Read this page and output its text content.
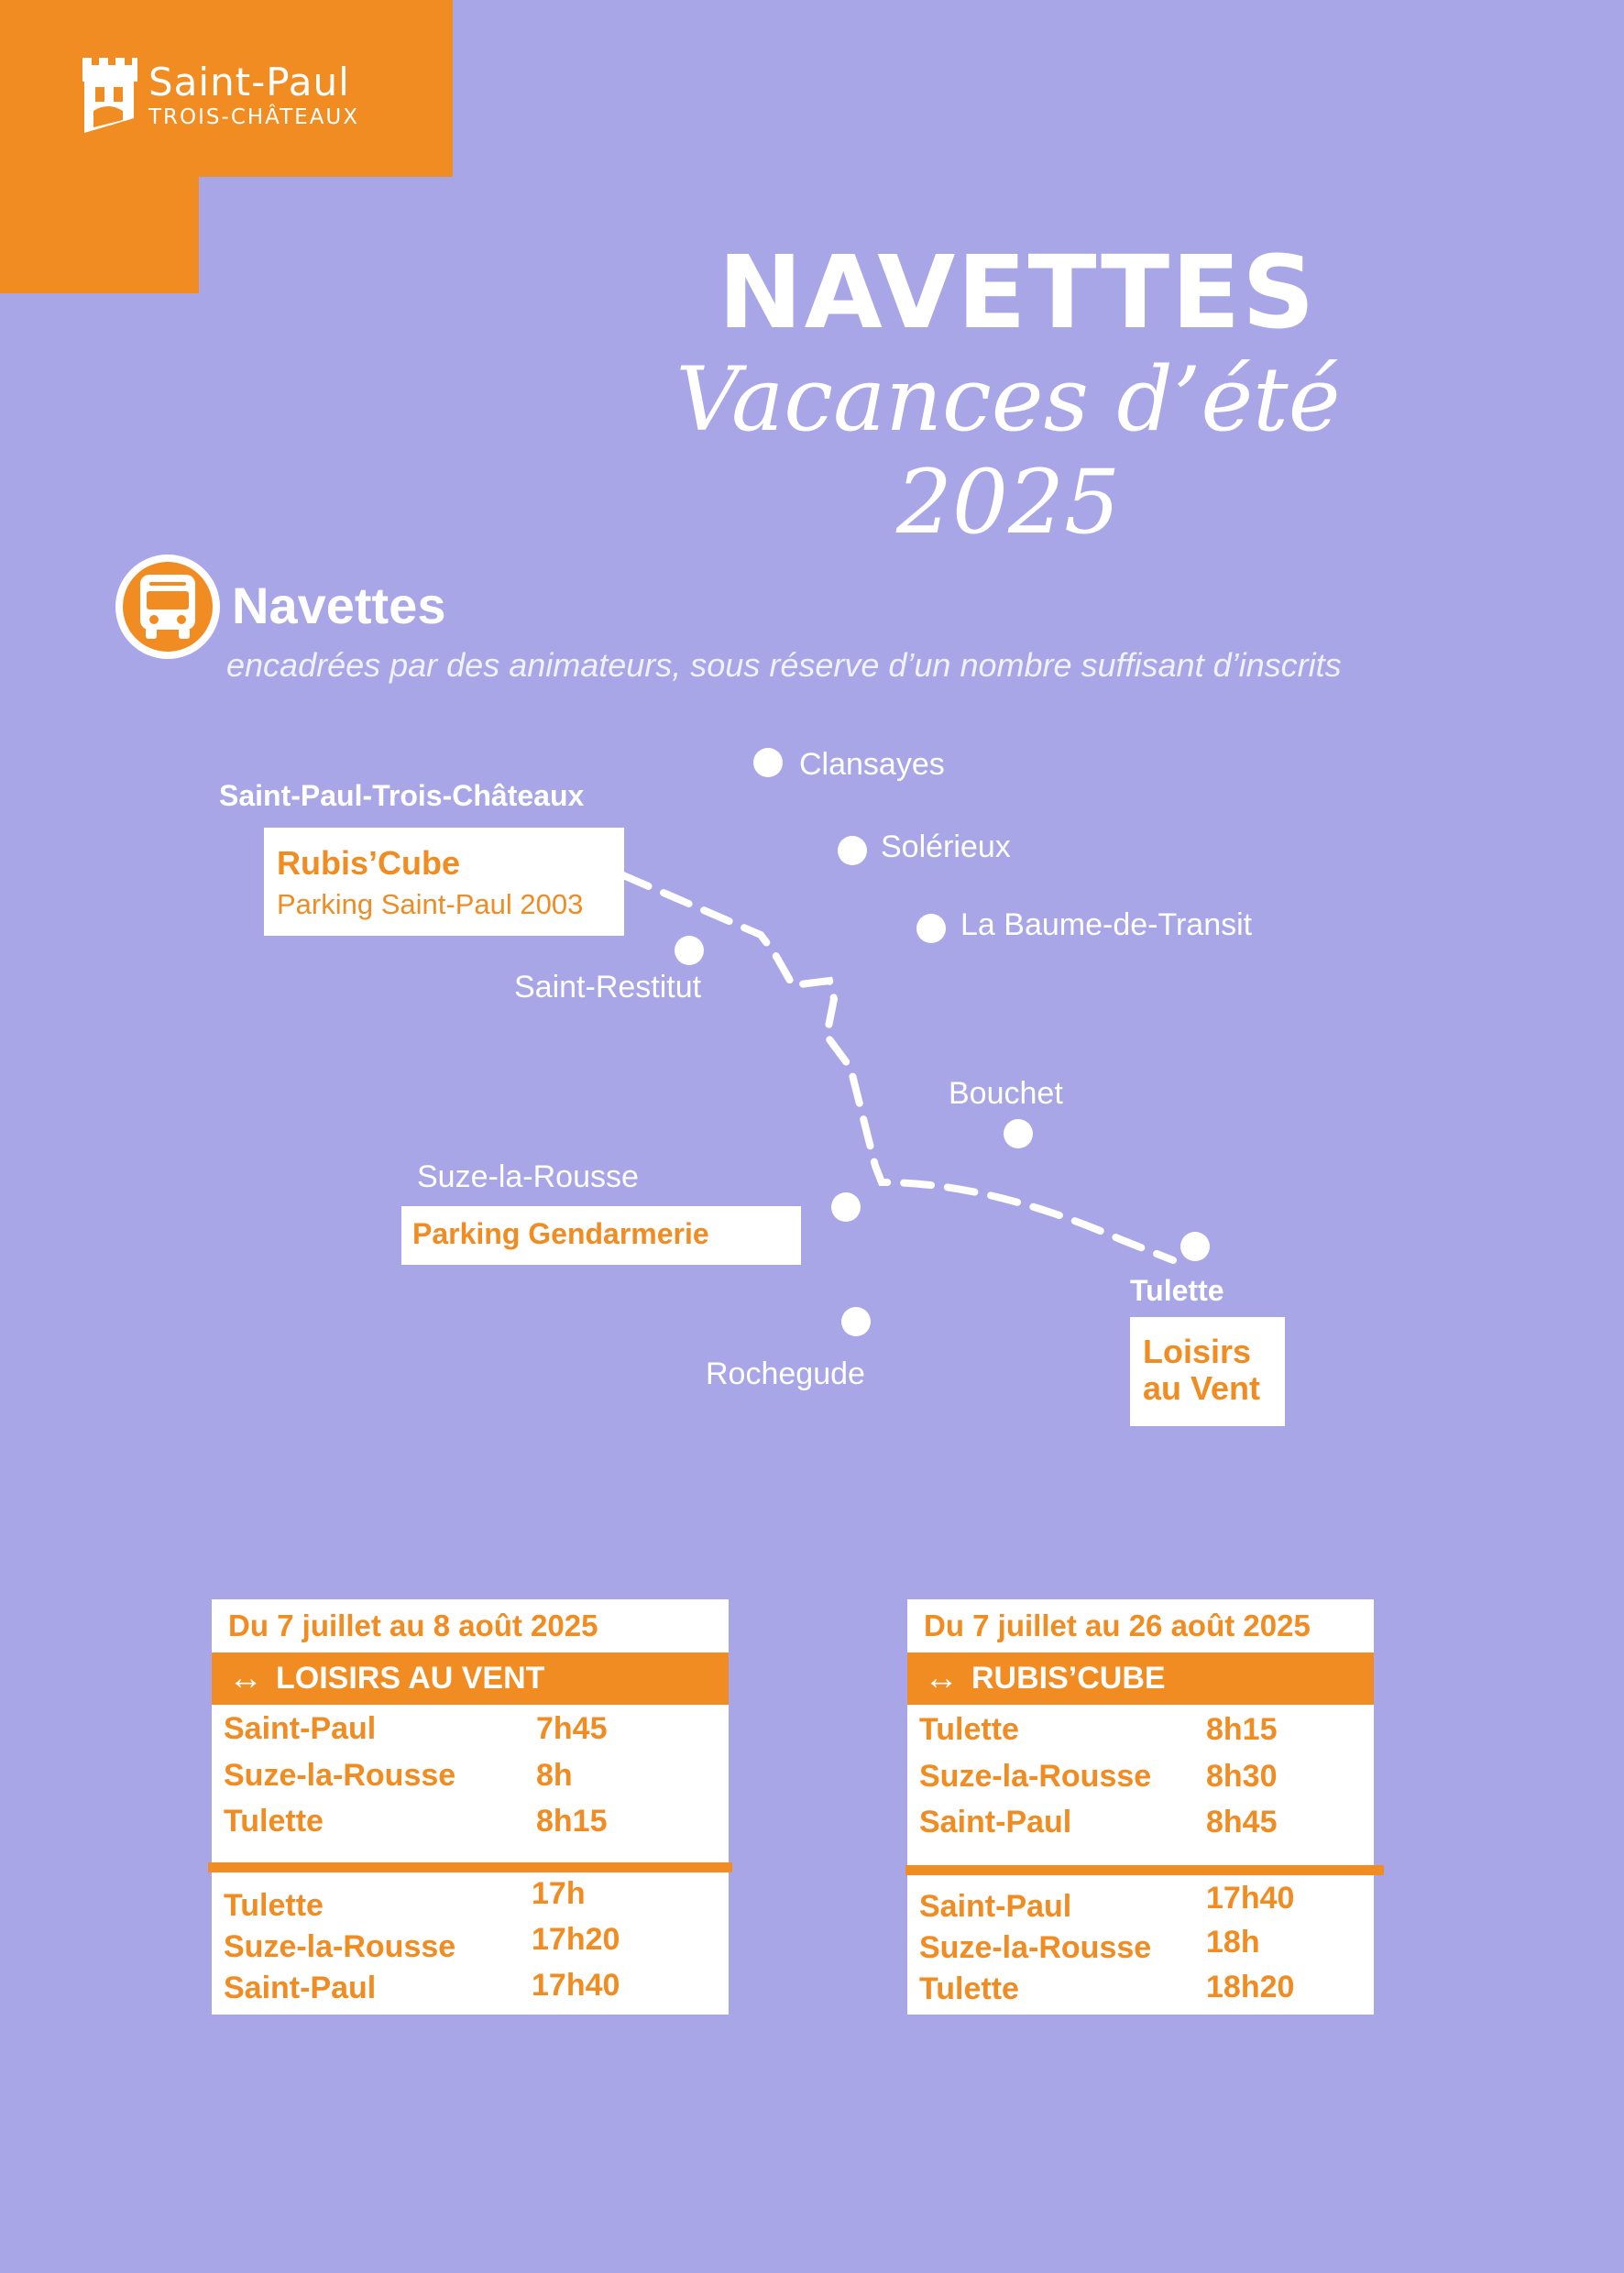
Saint-Paul
TROIS-CHÂTEAUX
NAVETTES
Vacances d’été 2025
Navettes
encadrées par des animateurs, sous réserve d’un nombre suffisant d’inscrits
Saint-Paul-Trois-Châteaux
Clansayes
Solérieux
La Baume-de-Transit
Saint-Restitut
Bouchet
Suze-la-Rousse
Tulette
Rochegude
Rubis’Cube
Parking Saint-Paul 2003
Parking Gendarmerie
Loisirs
au Vent
Du 7 juillet au 8 août 2025
↔ LOISIRS AU VENT
Saint-Paul	7h45
Suze-la-Rousse	8h
Tulette	8h15
Tulette	17h
Suze-la-Rousse 17h20
Saint-Paul	17h40
Du 7 juillet au 26 août 2025
↔ RUBIS’CUBE
Tulette	8h15
Suze-la-Rousse 8h30
Saint-Paul	8h45
Saint-Paul	17h40
Suze-la-Rousse 18h
Tulette	18h20
